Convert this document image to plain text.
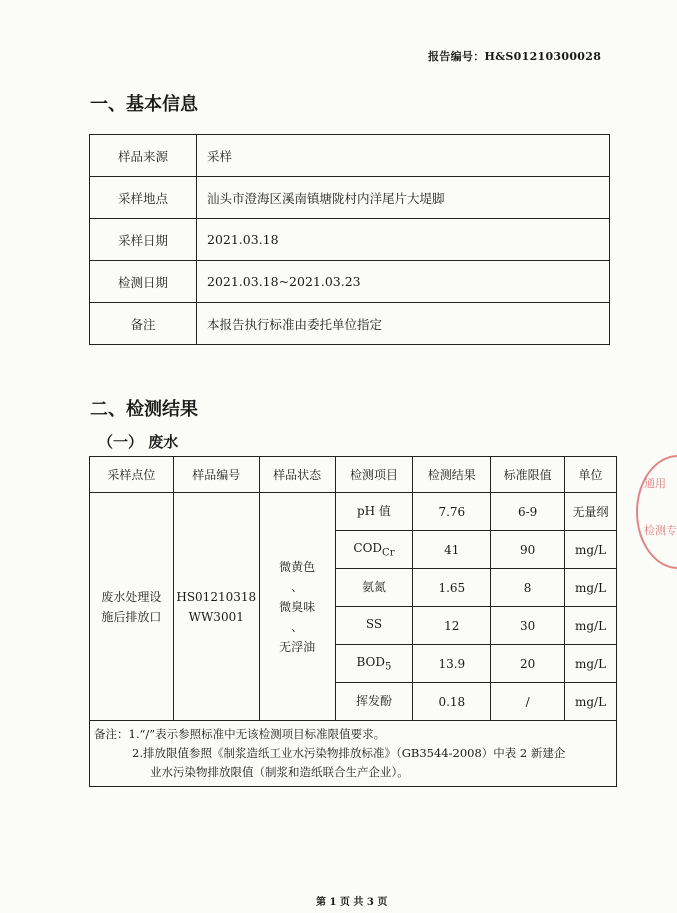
报告编号：H&S01210300028
一、基本信息
样品来源	采样
采样地点	汕头市澄海区溪南镇塘陇村内洋尾片大堤脚
采样日期	2021.03.18
检测日期	2021.03.18~2021.03.23
备注	本报告执行标准由委托单位指定
二、检测结果
（一） 废水
采样点位	样品编号	样品状态	检测项目	检测结果	标准限值	单位

废水处理设
施后排放口	HS01210318
WW3001	微黄色
、
微臭味
、
无浮油	pH 值	7.76	6-9	无量纲
			$COD_{Cr}$	41	90	mg/L
			氨氮	1.65	8	mg/L
			SS	12	30	mg/L
			$BOD_5$	13.9	20	mg/L
			挥发酚	0.18	/	mg/L
备注：1.“/”表示参照标准中无该检测项目标准限值要求。
2.排放限值参照《制浆造纸工业水污染物排放标准》（GB3544-2008）中表 2 新建企
业水污染物排放限值（制浆和造纸联合生产企业）。						
通用
检测专
第 1 页 共 3 页
